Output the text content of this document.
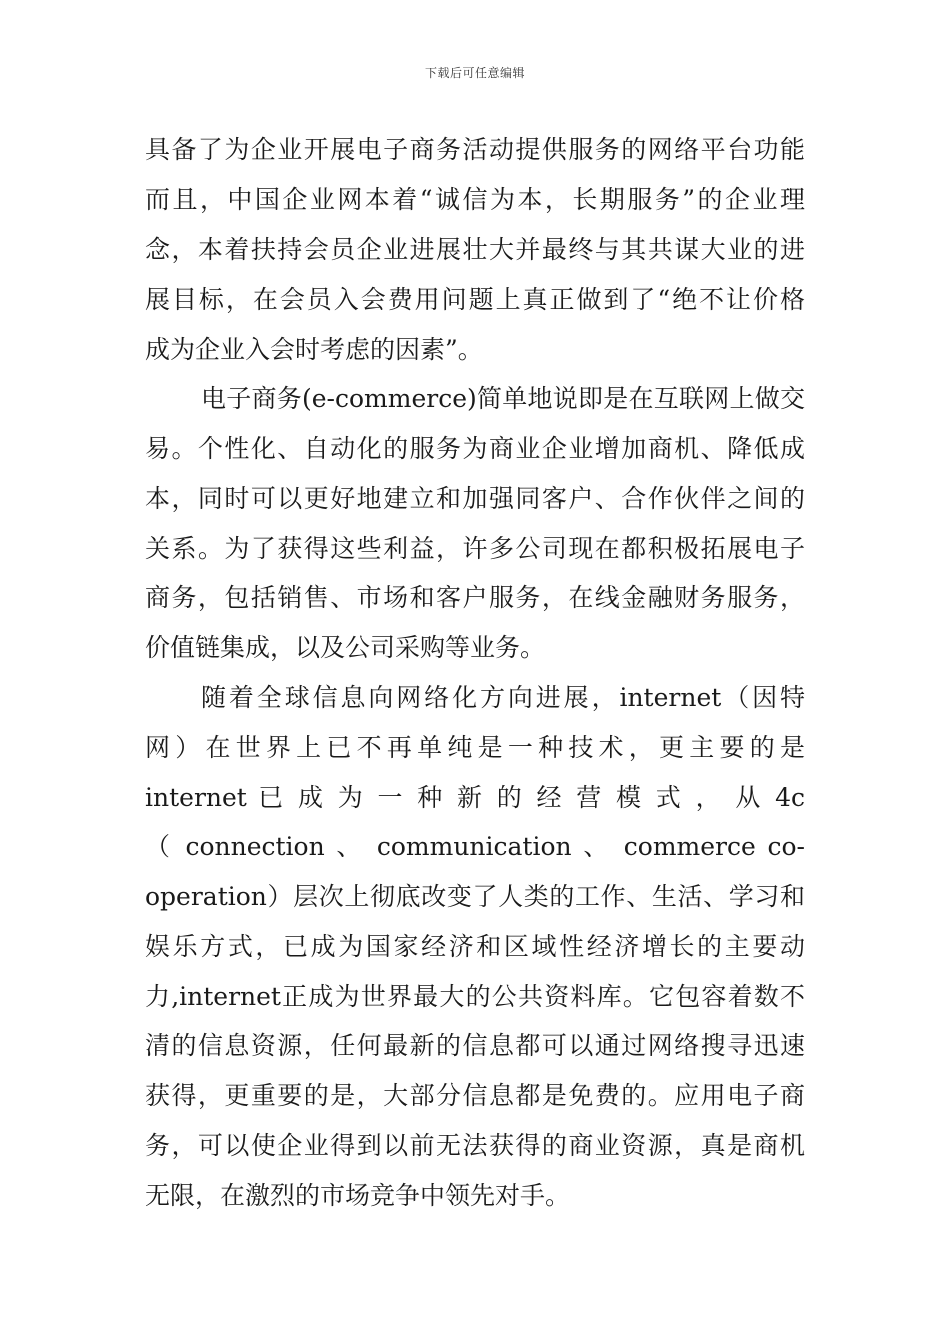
下载后可任意编辑
具备了为企业开展电子商务活动提供服务的网络平台功能
而且，中国企业网本着“诚信为本，长期服务”的企业理
念，本着扶持会员企业进展壮大并最终与其共谋大业的进
展目标，在会员入会费用问题上真正做到了“绝不让价格
成为企业入会时考虑的因素”。
电子商务(e-commerce)简单地说即是在互联网上做交
易。个性化、自动化的服务为商业企业增加商机、降低成
本，同时可以更好地建立和加强同客户、合作伙伴之间的
关系。为了获得这些利益，许多公司现在都积极拓展电子
商务，包括销售、市场和客户服务，在线金融财务服务，
价值链集成，以及公司采购等业务。
随着全球信息向网络化方向进展，internet（因特
网）在世界上已不再单纯是一种技术，更主要的是
internet 已 成 为 一 种 新 的 经 营 模 式 ， 从 4c
（ connection 、 communication 、 commerce co-
operation）层次上彻底改变了人类的工作、生活、学习和
娱乐方式，已成为国家经济和区域性经济增长的主要动
力,internet正成为世界最大的公共资料库。它包容着数不
清的信息资源，任何最新的信息都可以通过网络搜寻迅速
获得，更重要的是，大部分信息都是免费的。应用电子商
务，可以使企业得到以前无法获得的商业资源，真是商机
无限，在激烈的市场竞争中领先对手。
